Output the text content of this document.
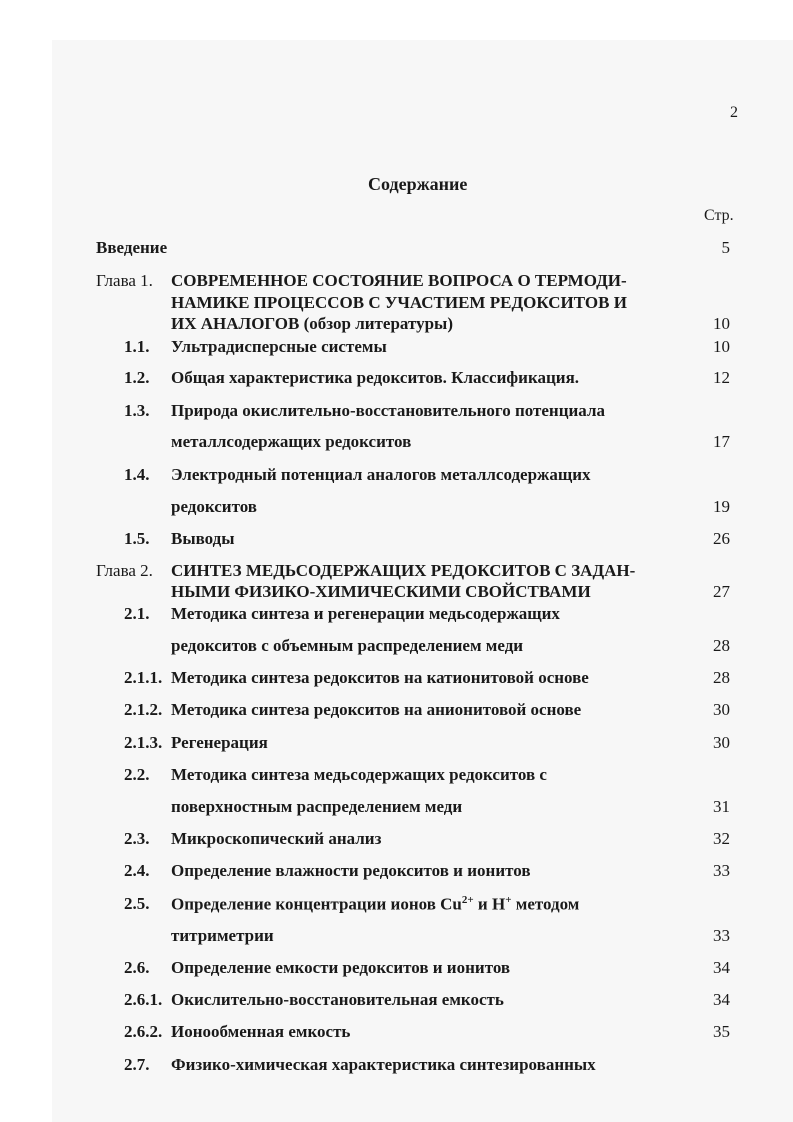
2
Содержание
Стр.
Введение	5
Глава 1. СОВРЕМЕННОЕ СОСТОЯНИЕ ВОПРОСА О ТЕРМОДИ-
НАМИКЕ ПРОЦЕССОВ С УЧАСТИЕМ РЕДОКСИТОВ И
ИХ АНАЛОГОВ (обзор литературы)	10
1.1. Ультрадисперсные системы	10
1.2. Общая характеристика редокситов. Классификация.	12
1.3. Природа окислительно-восстановительного потенциала
металлсодержащих редокситов	17
1.4. Электродный потенциал аналогов металлсодержащих
редокситов	19
1.5. Выводы	26
Глава 2. СИНТЕЗ МЕДЬСОДЕРЖАЩИХ РЕДОКСИТОВ С ЗАДАН-
НЫМИ ФИЗИКО-ХИМИЧЕСКИМИ СВОЙСТВАМИ	27
2.1. Методика синтеза и регенерации медьсодержащих
редокситов с объемным распределением меди	28
2.1.1. Методика синтеза редокситов на катионитовой основе	28
2.1.2. Методика синтеза редокситов на анионитовой основе	30
2.1.3. Регенерация	30
2.2. Методика синтеза медьсодержащих редокситов с
поверхностным распределением меди	31
2.3. Микроскопический анализ	32
2.4. Определение влажности редокситов и ионитов	33
2.5. Определение концентрации ионов $Cu^{2+}$ и H+ методом
титриметрии	33
2.6. Определение емкости редокситов и ионитов	34
2.6.1. Окислительно-восстановительная емкость	34
2.6.2. Ионообменная емкость	35
2.7. Физико-химическая характеристика синтезированных
